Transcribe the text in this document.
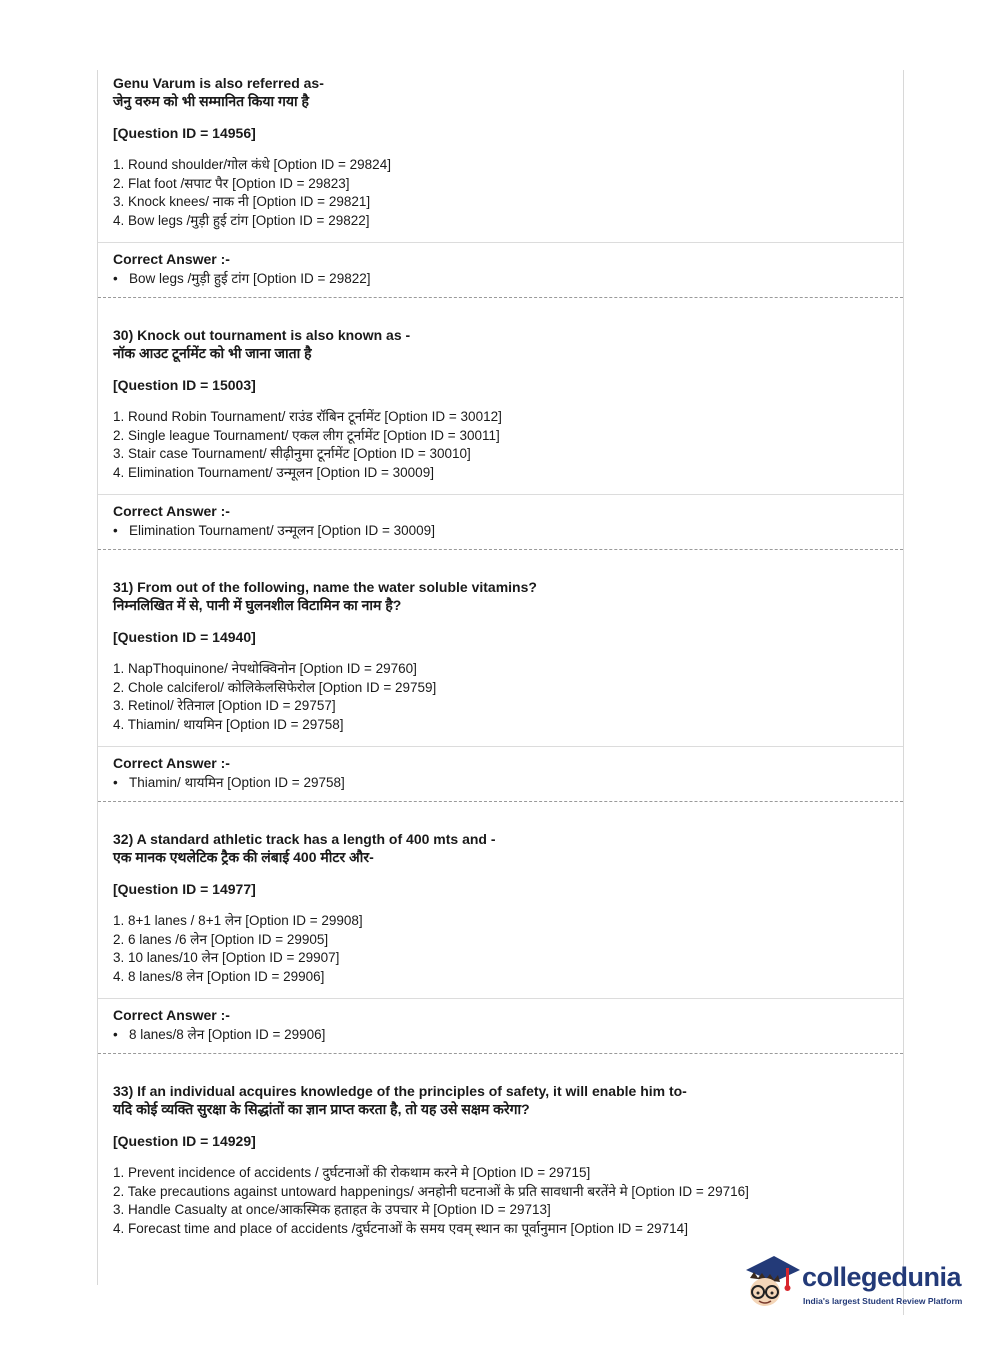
Genu Varum is also referred as-
जेनु वरुम को भी सम्मानित किया गया है
[Question ID = 14956]
1. Round shoulder/गोल कंधे [Option ID = 29824]
2. Flat foot /सपाट पैर [Option ID = 29823]
3. Knock knees/ नाक नी [Option ID = 29821]
4. Bow legs /मुड़ी हुई टांग [Option ID = 29822]
Correct Answer :-
• Bow legs /मुड़ी हुई टांग [Option ID = 29822]
30) Knock out tournament is also known as -
नॉक आउट टूर्नामेंट को भी जाना जाता है
[Question ID = 15003]
1. Round Robin Tournament/ राउंड रॉबिन टूर्नामेंट [Option ID = 30012]
2. Single league Tournament/ एकल लीग टूर्नामेंट [Option ID = 30011]
3. Stair case Tournament/ सीढ़ीनुमा टूर्नामेंट [Option ID = 30010]
4. Elimination Tournament/ उन्मूलन [Option ID = 30009]
Correct Answer :-
• Elimination Tournament/ उन्मूलन [Option ID = 30009]
31) From out of the following, name the water soluble vitamins?
निम्नलिखित में से, पानी में घुलनशील विटामिन का नाम है?
[Question ID = 14940]
1. NapThoquinone/ नेपथोक्विनोन [Option ID = 29760]
2. Chole calciferol/ कोलिकेलसिफेरोल [Option ID = 29759]
3. Retinol/ रेतिनाल [Option ID = 29757]
4. Thiamin/ थायमिन [Option ID = 29758]
Correct Answer :-
• Thiamin/ थायमिन [Option ID = 29758]
32) A standard athletic track has a length of 400 mts and -
एक मानक एथलेटिक ट्रैक की लंबाई 400 मीटर और-
[Question ID = 14977]
1. 8+1 lanes / 8+1 लेन [Option ID = 29908]
2. 6 lanes /6 लेन [Option ID = 29905]
3. 10 lanes/10 लेन [Option ID = 29907]
4. 8 lanes/8 लेन [Option ID = 29906]
Correct Answer :-
• 8 lanes/8 लेन [Option ID = 29906]
33) If an individual acquires knowledge of the principles of safety, it will enable him to-
यदि कोई व्यक्ति सुरक्षा के सिद्धांतों का ज्ञान प्राप्त करता है, तो यह उसे सक्षम करेगा?
[Question ID = 14929]
1. Prevent incidence of accidents / दुर्घटनाओं की रोकथाम करने मे [Option ID = 29715]
2. Take precautions against untoward happenings/ अनहोनी घटनाओं के प्रति सावधानी बरतेंने मे [Option ID = 29716]
3. Handle Casualty at once/आकस्मिक हताहत के उपचार मे [Option ID = 29713]
4. Forecast time and place of accidents /दुर्घटनाओं के समय एवम् स्थान का पूर्वानुमान [Option ID = 29714]
collegedunia
India's largest Student Review Platform
